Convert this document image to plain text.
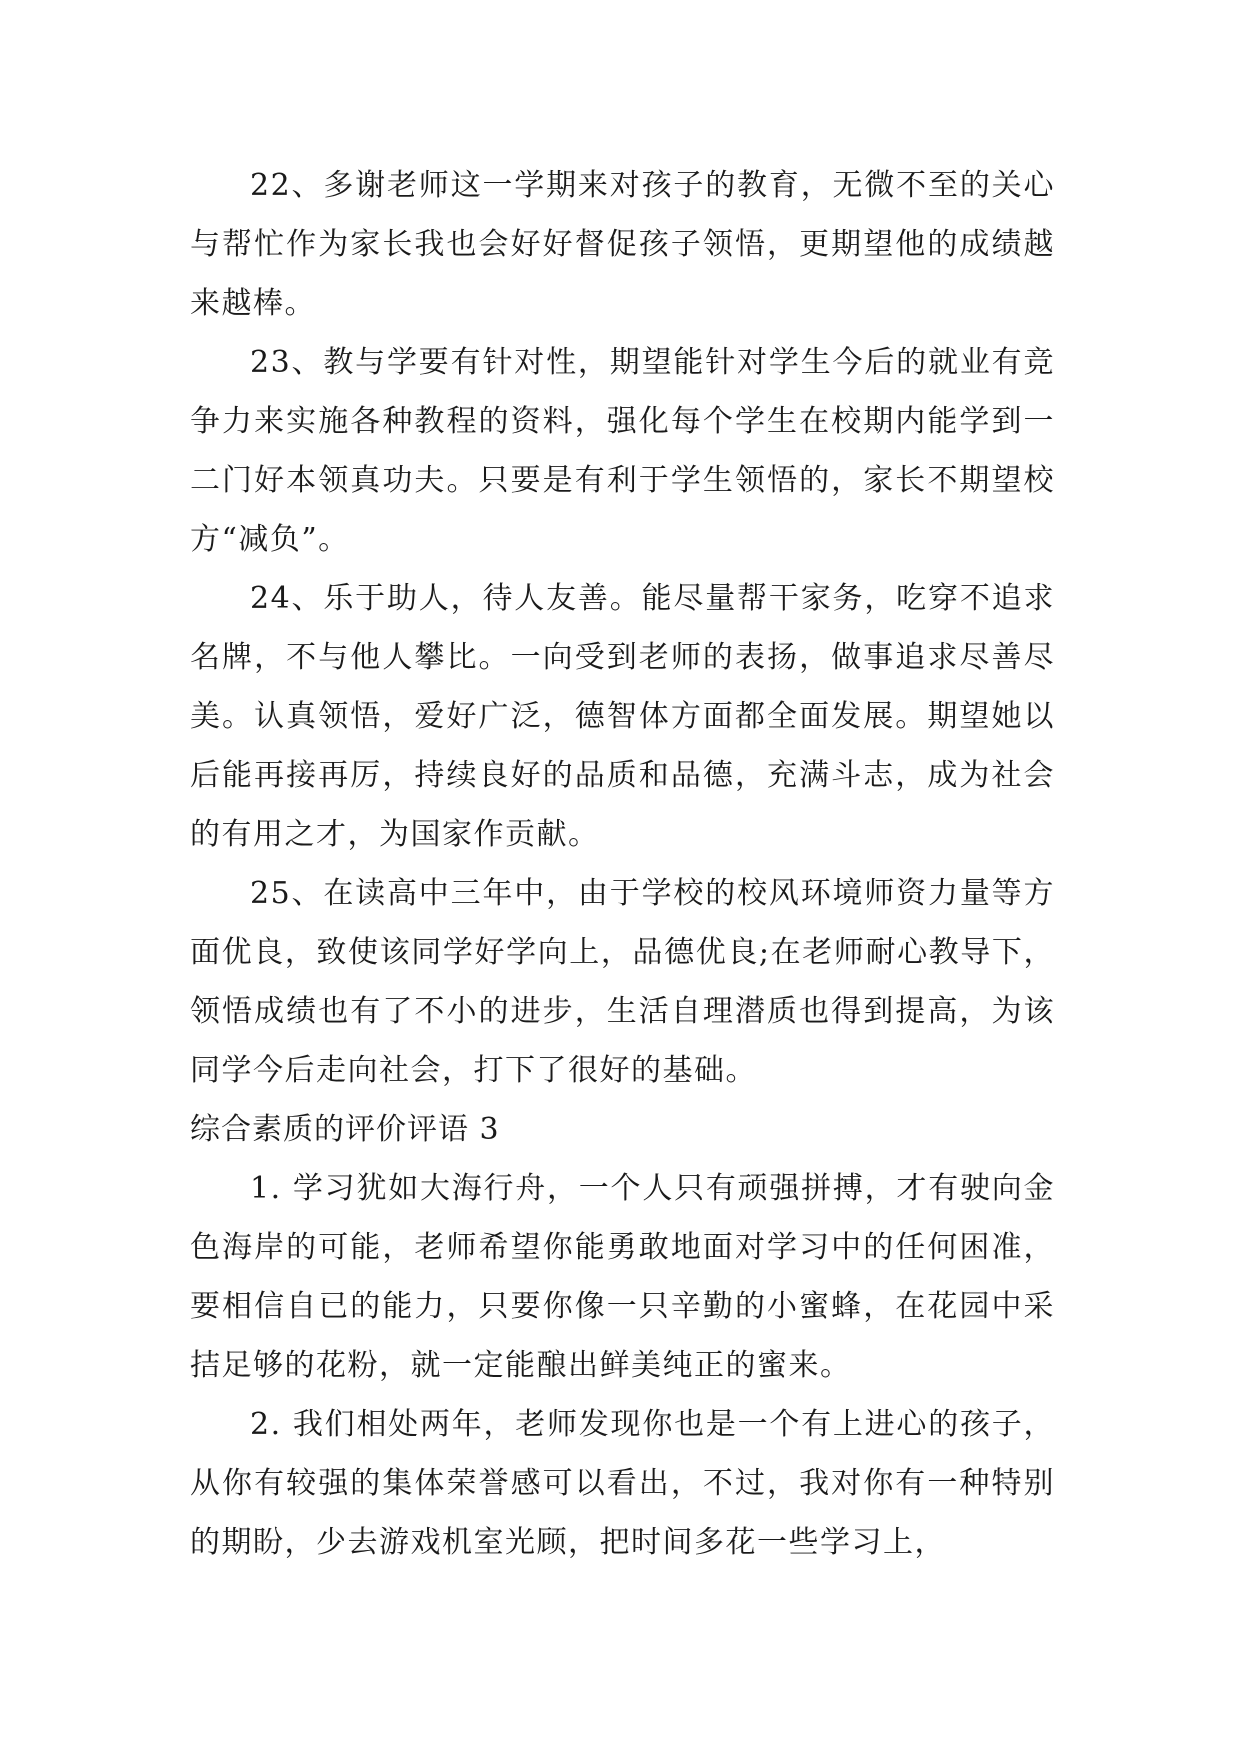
22、多谢老师这一学期来对孩子的教育，无微不至的关心与帮忙作为家长我也会好好督促孩子领悟，更期望他的成绩越来越棒。

23、教与学要有针对性，期望能针对学生今后的就业有竞争力来实施各种教程的资料，强化每个学生在校期内能学到一二门好本领真功夫。只要是有利于学生领悟的，家长不期望校方“减负”。

24、乐于助人，待人友善。能尽量帮干家务，吃穿不追求名牌，不与他人攀比。一向受到老师的表扬，做事追求尽善尽美。认真领悟，爱好广泛，德智体方面都全面发展。期望她以后能再接再厉，持续良好的品质和品德，充满斗志，成为社会的有用之才，为国家作贡献。

25、在读高中三年中，由于学校的校风环境师资力量等方面优良，致使该同学好学向上，品德优良;在老师耐心教导下，领悟成绩也有了不小的进步，生活自理潜质也得到提高，为该同学今后走向社会，打下了很好的基础。

综合素质的评价评语 3

1. 学习犹如大海行舟，一个人只有顽强拼搏，才有驶向金色海岸的可能，老师希望你能勇敢地面对学习中的任何困准，要相信自已的能力，只要你像一只辛勤的小蜜蜂，在花园中采拮足够的花粉，就一定能酿出鲜美纯正的蜜来。

2. 我们相处两年，老师发现你也是一个有上进心的孩子，从你有较强的集体荣誉感可以看出，不过，我对你有一种特别的期盼，少去游戏机室光顾，把时间多花一些学习上，
